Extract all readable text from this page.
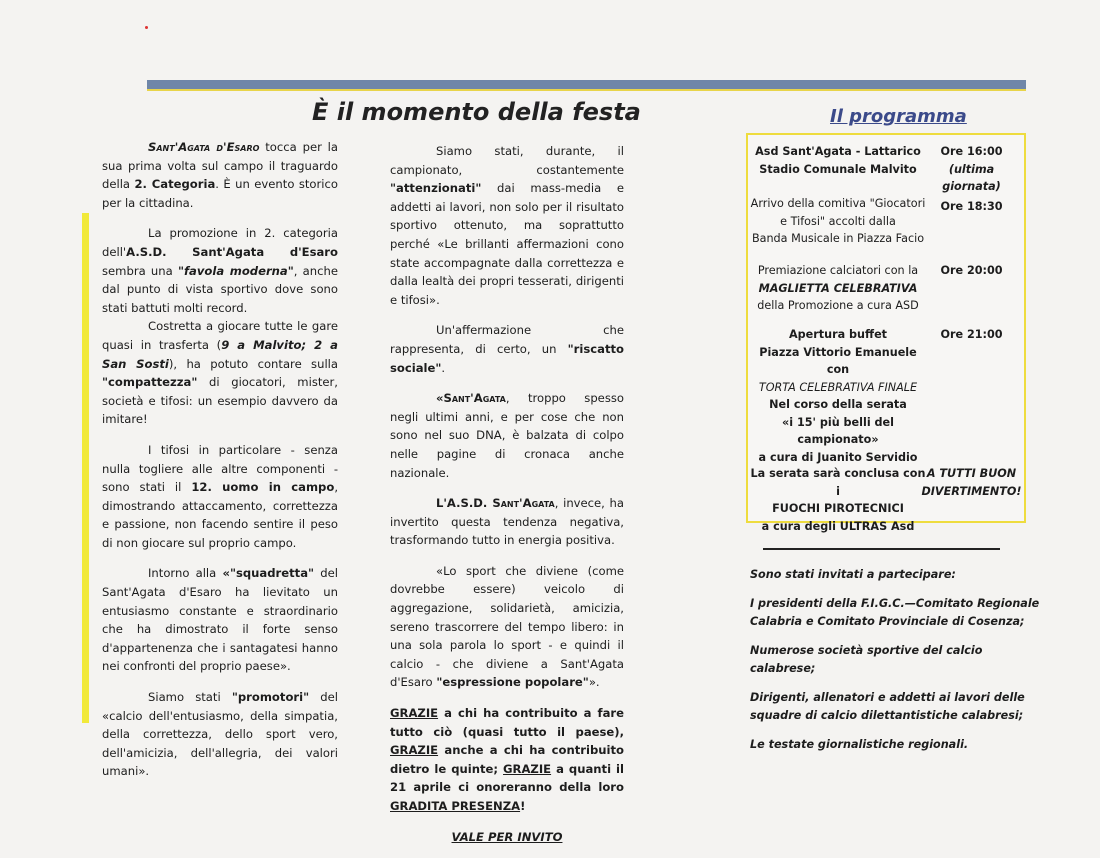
È il momento della festa	Il programma

Sant'Agata d'Esaro tocca per la sua prima volta sul campo il traguardo della 2. Categoria. È un evento storico per la cittadina.

La promozione in 2. categoria dell'A.S.D. Sant'Agata d'Esaro sembra una "favola moderna", anche dal punto di vista sportivo dove sono stati battuti molti record.

Costretta a giocare tutte le gare quasi in trasferta (9 a Malvito; 2 a San Sosti), ha potuto contare sulla "compattezza" di giocatori, mister, società e tifosi: un esempio davvero da imitare!

I tifosi in particolare - senza nulla togliere alle altre componenti - sono stati il 12. uomo in campo, dimostrando attaccamento, correttezza e passione, non facendo sentire il peso di non giocare sul proprio campo.

Intorno alla «"squadretta" del Sant'Agata d'Esaro ha lievitato un entusiasmo constante e straordinario che ha dimostrato il forte senso d'appartenenza che i santagatesi hanno nei confronti del proprio paese».

Siamo stati "promotori" del «calcio dell'entusiasmo, della simpatia, della correttezza, dello sport vero, dell'amicizia, dell'allegria, dei valori umani».

Siamo stati, durante, il campionato, costantemente "attenzionati" dai mass-media e addetti ai lavori, non solo per il risultato sportivo ottenuto, ma soprattutto perché «Le brillanti affermazioni cono state accompagnate dalla correttezza e dalla lealtà dei propri tesserati, dirigenti e tifosi».

Un'affermazione che rappresenta, di certo, un "riscatto sociale".

«Sant'Agata, troppo spesso negli ultimi anni, e per cose che non sono nel suo DNA, è balzata di colpo nelle pagine di cronaca anche nazionale.

L'A.S.D. Sant'Agata, invece, ha invertito questa tendenza negativa, trasformando tutto in energia positiva.

«Lo sport che diviene (come dovrebbe essere) veicolo di aggregazione, solidarietà, amicizia, sereno trascorrere del tempo libero: in una sola parola lo sport - e quindi il calcio - che diviene a Sant'Agata d'Esaro "espressione popolare"».

GRAZIE a chi ha contribuito a fare tutto ciò (quasi tutto il paese), GRAZIE anche a chi ha contribuito dietro le quinte; GRAZIE a quanti il 21 aprile ci onoreranno della loro GRADITA PRESENZA!

VALE PER INVITO

Asd Sant'Agata - Lattarico
Stadio Comunale Malvito
Ore 16:00
(ultima giornata)
Arrivo della comitiva "Giocatori
e Tifosi" accolti dalla
Banda Musicale in Piazza Facio
Ore 18:30
Premiazione calciatori con la
MAGLIETTA CELEBRATIVA
della Promozione a cura ASD
Ore 20:00
Apertura buffet
Piazza Vittorio Emanuele
con
TORTA CELEBRATIVA FINALE
Nel corso della serata
«i 15' più belli del campionato»
a cura di Juanito Servidio
Ore 21:00
La serata sarà conclusa con i
FUOCHI PIROTECNICI
a cura degli ULTRAS Asd
A TUTTI BUON
DIVERTIMENTO!

Sono stati invitati a partecipare:

I presidenti della F.I.G.C.—Comitato Regionale Calabria e Comitato Provinciale di Cosenza;

Numerose società sportive del calcio calabrese;

Dirigenti, allenatori e addetti ai lavori delle squadre di calcio dilettantistiche calabresi;

Le testate giornalistiche regionali.
